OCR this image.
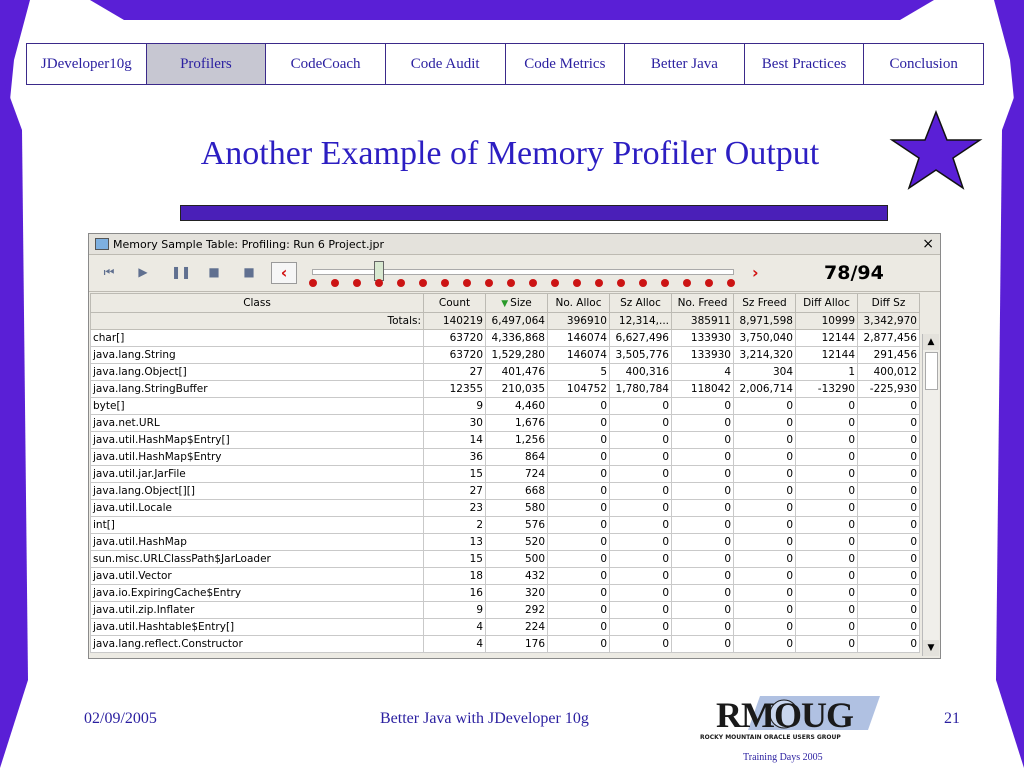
JDeveloper10g	Profilers	CodeCoach	Code Audit	Code Metrics	Better Java	Best Practices	Conclusion
Another Example of Memory Profiler Output
Memory Sample Table: Profiling: Run 6 Project.jpr	×
⏮ ▶ ❚❚ ■ ■	‹	›	78/94
Class	Count	▼ Size	No. Alloc	Sz Alloc	No. Freed	Sz Freed	Diff Alloc	Diff Sz
Totals:	140219	6,497,064	396910	12,314,...	385911	8,971,598	10999	3,342,970
char[]	63720	4,336,868	146074	6,627,496	133930	3,750,040	12144	2,877,456
java.lang.String	63720	1,529,280	146074	3,505,776	133930	3,214,320	12144	291,456
java.lang.Object[]	27	401,476	5	400,316	4	304	1	400,012
java.lang.StringBuffer	12355	210,035	104752	1,780,784	118042	2,006,714	-13290	-225,930
byte[]	9	4,460	0	0	0	0	0	0
java.net.URL	30	1,676	0	0	0	0	0	0
java.util.HashMap$Entry[]	14	1,256	0	0	0	0	0	0
java.util.HashMap$Entry	36	864	0	0	0	0	0	0
java.util.jar.JarFile	15	724	0	0	0	0	0	0
java.lang.Object[][]	27	668	0	0	0	0	0	0
java.util.Locale	23	580	0	0	0	0	0	0
int[]	2	576	0	0	0	0	0	0
java.util.HashMap	13	520	0	0	0	0	0	0
sun.misc.URLClassPath$JarLoader	15	500	0	0	0	0	0	0
java.util.Vector	18	432	0	0	0	0	0	0
java.io.ExpiringCache$Entry	16	320	0	0	0	0	0	0
java.util.zip.Inflater	9	292	0	0	0	0	0	0
java.util.Hashtable$Entry[]	4	224	0	0	0	0	0	0
java.lang.reflect.Constructor	4	176	0	0	0	0	0	0
▲
▼
02/09/2005	Better Java with JDeveloper 10g	21
RMOUG
ROCKY MOUNTAIN ORACLE USERS GROUP
Training Days 2005
